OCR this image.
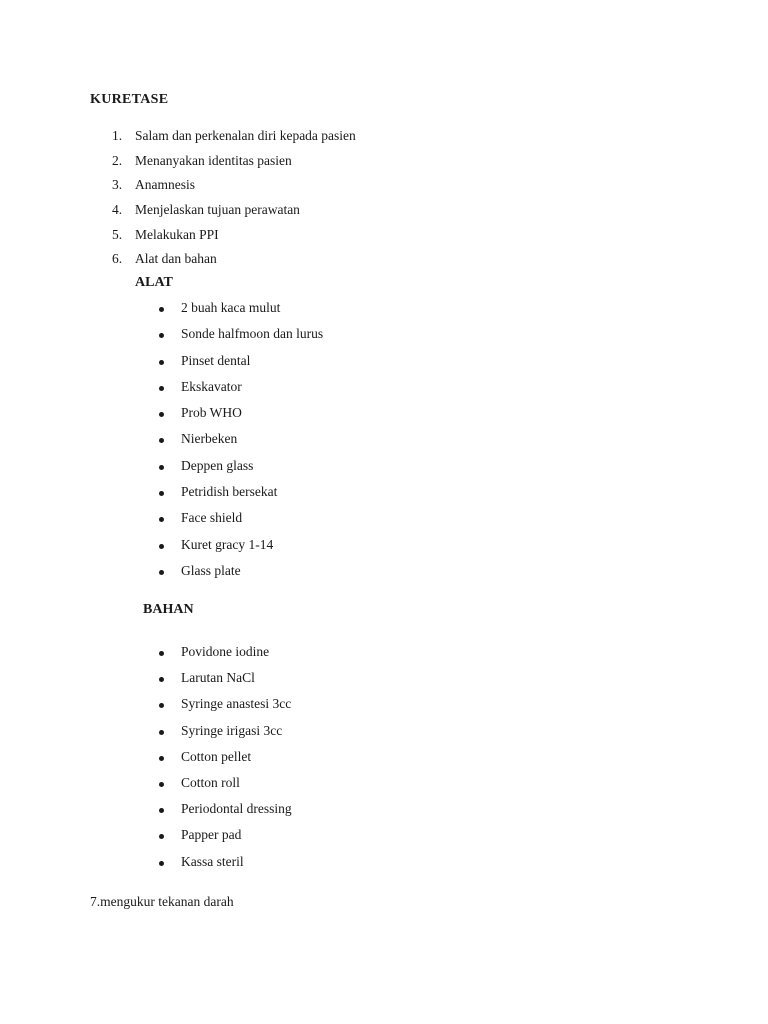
KURETASE
1. Salam dan perkenalan diri kepada pasien
2. Menanyakan identitas pasien
3. Anamnesis
4. Menjelaskan tujuan perawatan
5. Melakukan PPI
6. Alat dan bahan
ALAT
2 buah kaca mulut
Sonde halfmoon dan lurus
Pinset dental
Ekskavator
Prob WHO
Nierbeken
Deppen glass
Petridish bersekat
Face shield
Kuret gracy 1-14
Glass plate
BAHAN
Povidone iodine
Larutan NaCl
Syringe anastesi 3cc
Syringe irigasi 3cc
Cotton pellet
Cotton roll
Periodontal dressing
Papper pad
Kassa steril
7.mengukur tekanan darah
